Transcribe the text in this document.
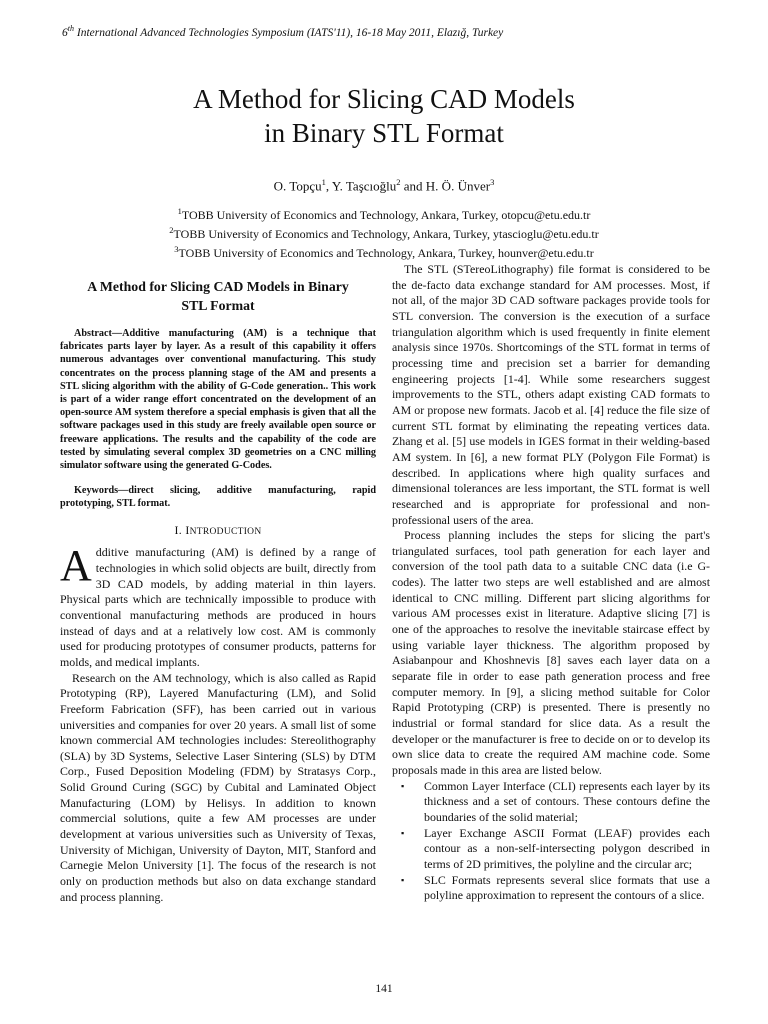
6th International Advanced Technologies Symposium (IATS'11), 16-18 May 2011, Elazığ, Turkey
A Method for Slicing CAD Models
in Binary STL Format
O. Topçu$^1$, Y. Taşcıoğlu$^2$ and H. Ö. Ünver$^3$
$^1$TOBB University of Economics and Technology, Ankara, Turkey, otopcu@etu.edu.tr
$^2$TOBB University of Economics and Technology, Ankara, Turkey, ytascioglu@etu.edu.tr
$^3$TOBB University of Economics and Technology, Ankara, Turkey, hounver@etu.edu.tr
A Method for Slicing CAD Models in Binary STL Format

Abstract—Additive manufacturing (AM) is a technique that fabricates parts layer by layer. As a result of this capability it offers numerous advantages over conventional manufacturing. This study concentrates on the process planning stage of the AM and presents a STL slicing algorithm with the ability of G-Code generation.. This work is part of a wider range effort concentrated on the development of an open-source AM system therefore a special emphasis is given that all the software packages used in this study are freely available open source or freeware applications. The results and the capability of the code are tested by simulating several complex 3D geometries on a CNC milling simulator software using the generated G-Codes.

Keywords—direct slicing, additive manufacturing, rapid prototyping, STL format.

I. INTRODUCTION

Additive manufacturing (AM) is defined by a range of technologies in which solid objects are built, directly from 3D CAD models, by adding material in thin layers. Physical parts which are technically impossible to produce with conventional manufacturing methods are produced in hours instead of days and at a relatively low cost. AM is commonly used for producing prototypes of consumer products, patterns for molds, and medical implants.

Research on the AM technology, which is also called as Rapid Prototyping (RP), Layered Manufacturing (LM), and Solid Freeform Fabrication (SFF), has been carried out in various universities and companies for over 20 years. A small list of some known commercial AM technologies includes: Stereolithography (SLA) by 3D Systems, Selective Laser Sintering (SLS) by DTM Corp., Fused Deposition Modeling (FDM) by Stratasys Corp., Solid Ground Curing (SGC) by Cubital and Laminated Object Manufacturing (LOM) by Helisys. In addition to known commercial solutions, quite a few AM processes are under development at various universities such as University of Texas, University of Michigan, University of Dayton, MIT, Stanford and Carnegie Melon University [1]. The focus of the research is not only on production methods but also on data exchange standard and process planning.

The STL (STereoLithography) file format is considered to be the de-facto data exchange standard for AM processes. Most, if not all, of the major 3D CAD software packages provide tools for STL conversion. The conversion is the execution of a surface triangulation algorithm which is used frequently in finite element analysis since 1970s. Shortcomings of the STL format in terms of processing time and precision set a barrier for demanding engineering projects [1-4]. While some researchers suggest improvements to the STL, others adapt existing CAD formats to AM or propose new formats. Jacob et al. [4] reduce the file size of current STL format by eliminating the repeating vertices data. Zhang et al. [5] use models in IGES format in their welding-based AM system. In [6], a new format PLY (Polygon File Format) is described. In applications where high quality surfaces and dimensional tolerances are less important, the STL format is well researched and is appropriate for professional and non-professional users of the area.

Process planning includes the steps for slicing the part's triangulated surfaces, tool path generation for each layer and conversion of the tool path data to a suitable CNC data (i.e G-codes). The latter two steps are well established and are almost identical to CNC milling. Different part slicing algorithms for various AM processes exist in literature. Adaptive slicing [7] is one of the approaches to resolve the inevitable staircase effect by using variable layer thickness. The algorithm proposed by Asiabanpour and Khoshnevis [8] saves each layer data on a separate file in order to ease path generation process and free computer memory. In [9], a slicing method suitable for Color Rapid Prototyping (CRP) is presented. There is presently no industrial or formal standard for slice data. As a result the developer or the manufacturer is free to decide on or to develop its own slice data to create the required AM machine code. Some proposals made in this area are listed below.

▪ Common Layer Interface (CLI) represents each layer by its thickness and a set of contours. These contours define the boundaries of the solid material;
▪ Layer Exchange ASCII Format (LEAF) provides each contour as a non-self-intersecting polygon described in terms of 2D primitives, the polyline and the circular arc;
▪ SLC Formats represents several slice formats that use a polyline approximation to represent the contours of a slice.
141
